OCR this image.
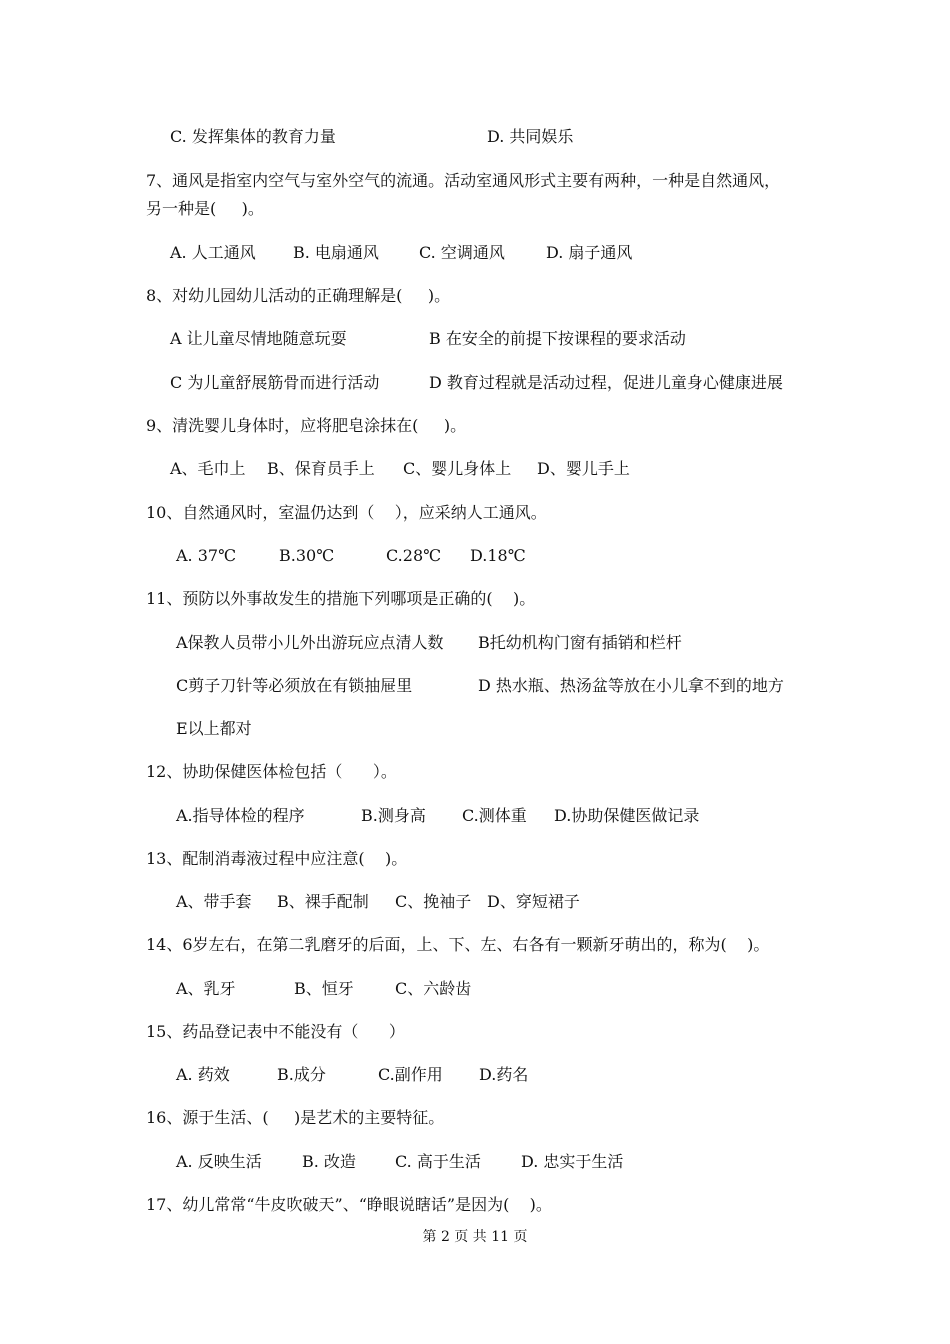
C. 发挥集体的教育力量	D. 共同娱乐
7、通风是指室内空气与室外空气的流通。活动室通风形式主要有两种，一种是自然通风，
另一种是(     )。
A. 人工通风 B. 电扇通风	C. 空调通风	D. 扇子通风
8、对幼儿园幼儿活动的正确理解是(     )。
A 让儿童尽情地随意玩耍	B 在安全的前提下按课程的要求活动
C 为儿童舒展筋骨而进行活动	D 教育过程就是活动过程，促进儿童身心健康进展
9、清洗婴儿身体时，应将肥皂涂抹在(     )。
A、毛巾上 B、保育员手上 C、婴儿身体上 D、婴儿手上
10、自然通风时，室温仍达到（    ），应采纳人工通风。
A. 37℃	B.30℃	C.28℃ D.18℃
11、预防以外事故发生的措施下列哪项是正确的(    )。
A保教人员带小儿外出游玩应点清人数 B托幼机构门窗有插销和栏杆
C剪子刀针等必须放在有锁抽屉里	D 热水瓶、热汤盆等放在小儿拿不到的地方
E以上都对
12、协助保健医体检包括（      ）。
A.指导体检的程序	B.测身高 C.测体重 D.协助保健医做记录
13、配制消毒液过程中应注意(    )。
A、带手套 B、裸手配制 C、挽袖子 D、穿短裙子
14、6岁左右，在第二乳磨牙的后面，上、下、左、右各有一颗新牙萌出的，称为(    )。
A、乳牙	B、恒牙	C、六龄齿
15、药品登记表中不能没有（      ）
A. 药效	B.成分	C.副作用 D.药名
16、源于生活、(     )是艺术的主要特征。
A. 反映生活	B. 改造 C. 高于生活	D. 忠实于生活
17、幼儿常常“牛皮吹破天”、“睁眼说瞎话”是因为(    )。
第 2 页 共 11 页
